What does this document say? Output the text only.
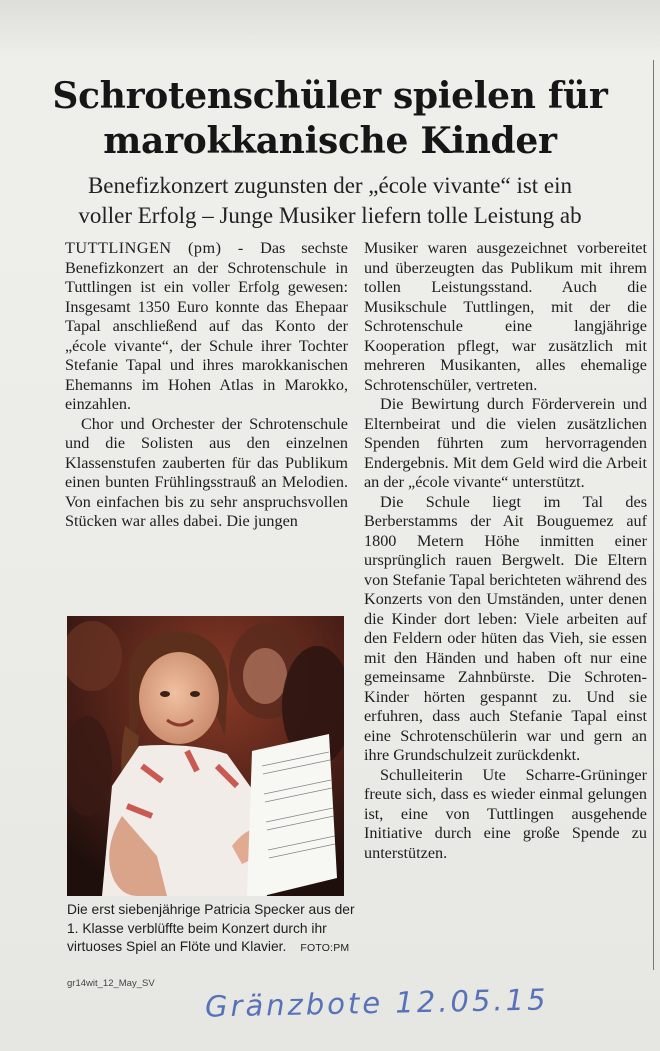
Schrotenschüler spielen für marokkanische Kinder
Benefizkonzert zugunsten der „école vivante“ ist ein voller Erfolg – Junge Musiker liefern tolle Leistung ab

TUTTLINGEN (pm) - Das sechste Benefizkonzert an der Schrotenschule in Tuttlingen ist ein voller Erfolg gewesen: Insgesamt 1350 Euro konnte das Ehepaar Tapal anschließend auf das Konto der „école vivante“, der Schule ihrer Tochter Stefanie Tapal und ihres marokkanischen Ehemanns im Hohen Atlas in Marokko, einzahlen.

Chor und Orchester der Schrotenschule und die Solisten aus den einzelnen Klassenstufen zauberten für das Publikum einen bunten Frühlingsstrauß an Melodien. Von einfachen bis zu sehr anspruchsvollen Stücken war alles dabei. Die jungen

Die erst siebenjährige Patricia Specker aus der 1. Klasse verblüffte beim Konzert durch ihr virtuoses Spiel an Flöte und Klavier. FOTO:PM
gr14wit_12_May_SV

Musiker waren ausgezeichnet vorbereitet und überzeugten das Publikum mit ihrem tollen Leistungsstand. Auch die Musikschule Tuttlingen, mit der die Schrotenschule eine langjährige Kooperation pflegt, war zusätzlich mit mehreren Musikanten, alles ehemalige Schrotenschüler, vertreten.

Die Bewirtung durch Förderverein und Elternbeirat und die vielen zusätzlichen Spenden führten zum hervorragenden Endergebnis. Mit dem Geld wird die Arbeit an der „école vivante“ unterstützt.

Die Schule liegt im Tal des Berberstamms der Ait Bouguemez auf 1800 Metern Höhe inmitten einer ursprünglich rauen Bergwelt. Die Eltern von Stefanie Tapal berichteten während des Konzerts von den Umständen, unter denen die Kinder dort leben: Viele arbeiten auf den Feldern oder hüten das Vieh, sie essen mit den Händen und haben oft nur eine gemeinsame Zahnbürste. Die Schroten-Kinder hörten gespannt zu. Und sie erfuhren, dass auch Stefanie Tapal einst eine Schrotenschülerin war und gern an ihre Grundschulzeit zurückdenkt.

Schulleiterin Ute Scharre-Grüninger freute sich, dass es wieder einmal gelungen ist, eine von Tuttlingen ausgehende Initiative durch eine große Spende zu unterstützen.

Gränzbote 12.05.15
